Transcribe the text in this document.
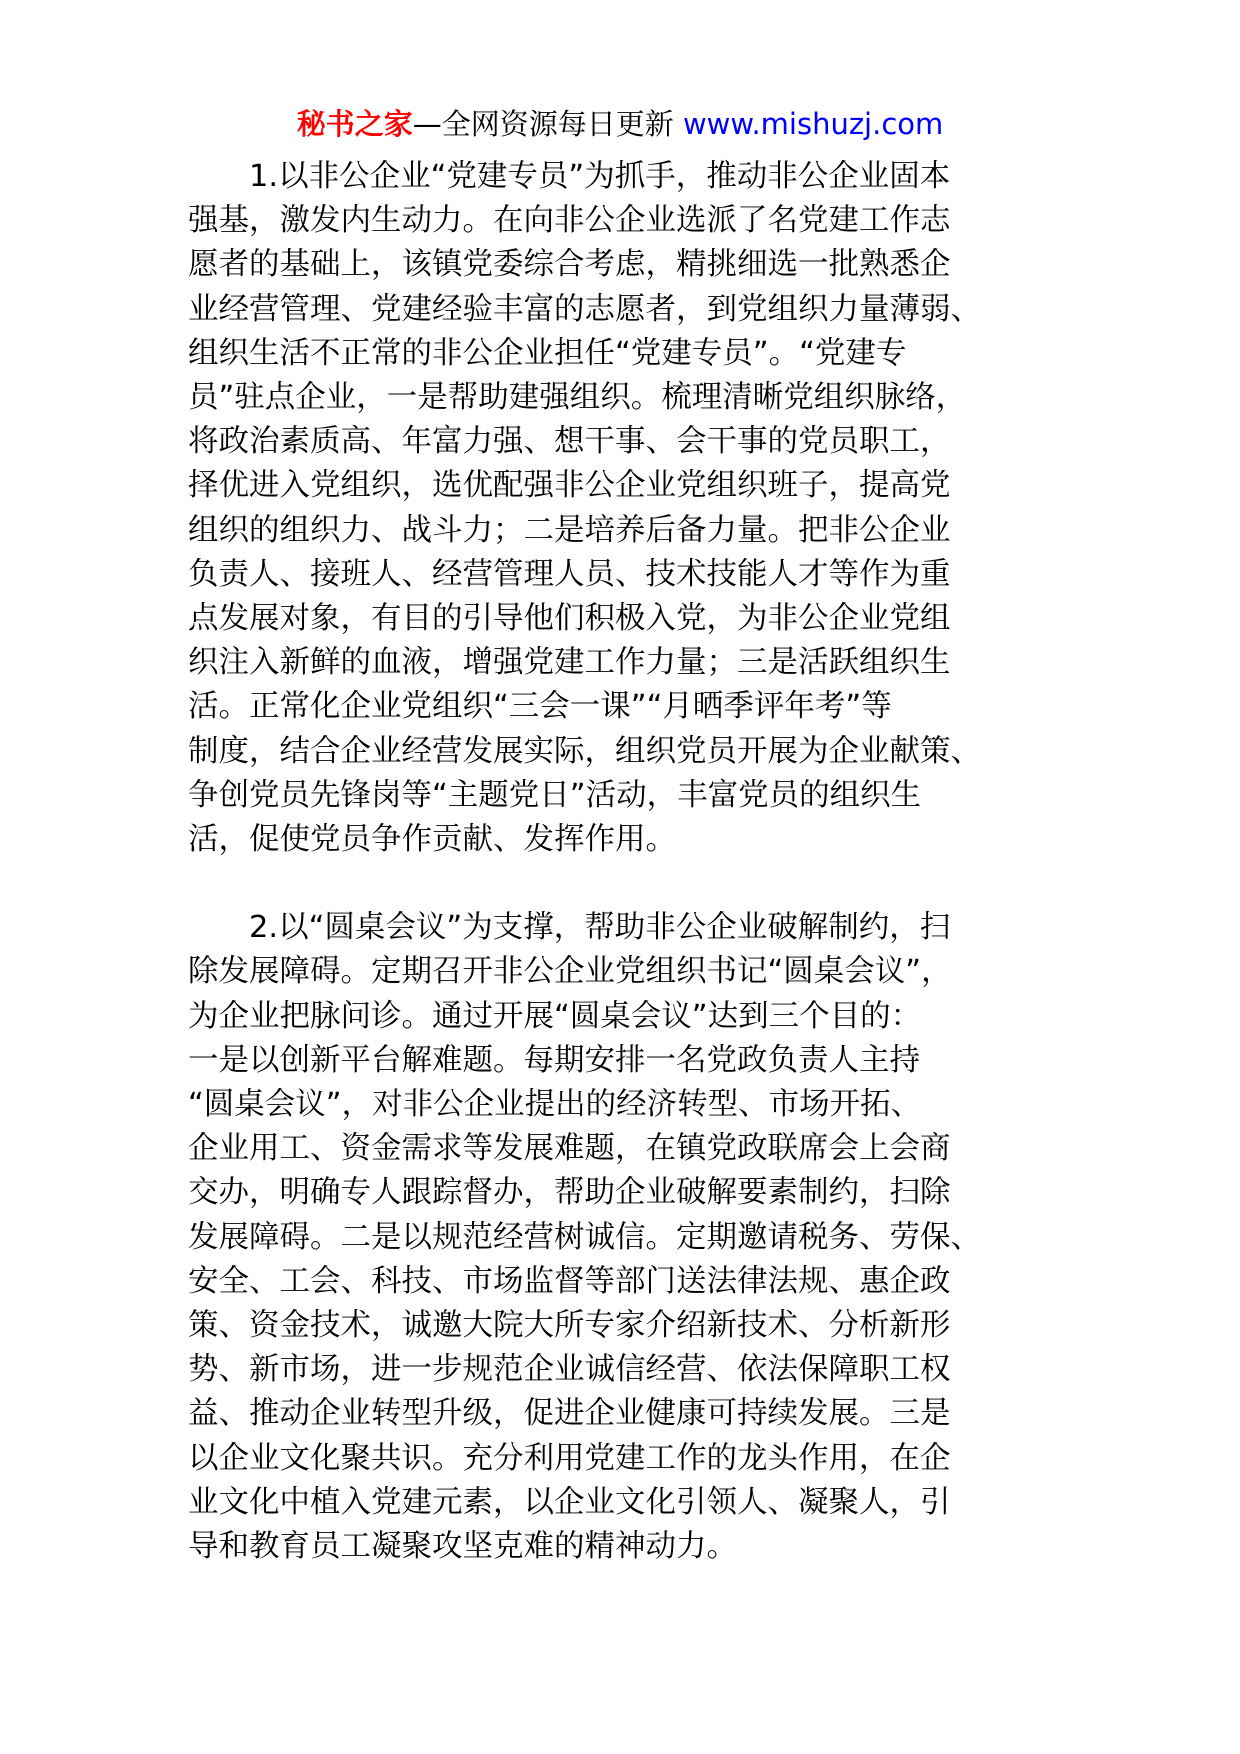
秘书之家—全网资源每日更新 www.mishuzj.com

　　1.以非公企业“党建专员”为抓手，推动非公企业固本
强基，激发内生动力。在向非公企业选派了名党建工作志
愿者的基础上，该镇党委综合考虑，精挑细选一批熟悉企
业经营管理、党建经验丰富的志愿者，到党组织力量薄弱、
组织生活不正常的非公企业担任“党建专员”。“党建专
员”驻点企业，一是帮助建强组织。梳理清晰党组织脉络，
将政治素质高、年富力强、想干事、会干事的党员职工，
择优进入党组织，选优配强非公企业党组织班子，提高党
组织的组织力、战斗力；二是培养后备力量。把非公企业
负责人、接班人、经营管理人员、技术技能人才等作为重
点发展对象，有目的引导他们积极入党，为非公企业党组
织注入新鲜的血液，增强党建工作力量；三是活跃组织生
活。正常化企业党组织“三会一课”“月晒季评年考”等
制度，结合企业经营发展实际，组织党员开展为企业献策、
争创党员先锋岗等“主题党日”活动，丰富党员的组织生
活，促使党员争作贡献、发挥作用。

　　2.以“圆桌会议”为支撑，帮助非公企业破解制约，扫
除发展障碍。定期召开非公企业党组织书记“圆桌会议”，
为企业把脉问诊。通过开展“圆桌会议”达到三个目的：
一是以创新平台解难题。每期安排一名党政负责人主持
“圆桌会议”，对非公企业提出的经济转型、市场开拓、
企业用工、资金需求等发展难题，在镇党政联席会上会商
交办，明确专人跟踪督办，帮助企业破解要素制约，扫除
发展障碍。二是以规范经营树诚信。定期邀请税务、劳保、
安全、工会、科技、市场监督等部门送法律法规、惠企政
策、资金技术，诚邀大院大所专家介绍新技术、分析新形
势、新市场，进一步规范企业诚信经营、依法保障职工权
益、推动企业转型升级，促进企业健康可持续发展。三是
以企业文化聚共识。充分利用党建工作的龙头作用，在企
业文化中植入党建元素，以企业文化引领人、凝聚人，引
导和教育员工凝聚攻坚克难的精神动力。
